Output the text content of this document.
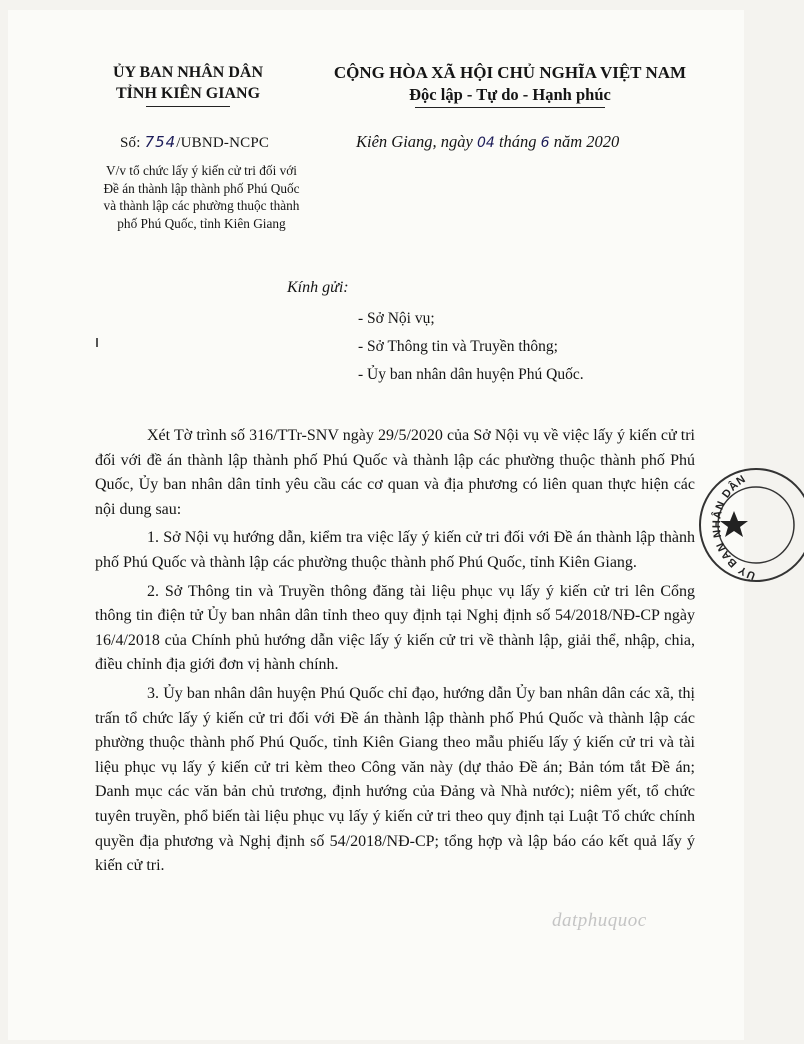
ỦY BAN NHÂN DÂN
TỈNH KIÊN GIANG
CỘNG HÒA XÃ HỘI CHỦ NGHĨA VIỆT NAM
Độc lập - Tự do - Hạnh phúc
Số: 754/UBND-NCPC	Kiên Giang, ngày 04 tháng 6 năm 2020
V/v tổ chức lấy ý kiến cử tri đối với
Đề án thành lập thành phố Phú Quốc
và thành lập các phường thuộc thành
phố Phú Quốc, tỉnh Kiên Giang
Kính gửi:
- Sở Nội vụ;
- Sở Thông tin và Truyền thông;
- Ủy ban nhân dân huyện Phú Quốc.

Xét Tờ trình số 316/TTr-SNV ngày 29/5/2020 của Sở Nội vụ về việc lấy ý kiến cử tri đối với đề án thành lập thành phố Phú Quốc và thành lập các phường thuộc thành phố Phú Quốc, Ủy ban nhân dân tỉnh yêu cầu các cơ quan và địa phương có liên quan thực hiện các nội dung sau:

1. Sở Nội vụ hướng dẫn, kiểm tra việc lấy ý kiến cử tri đối với Đề án thành lập thành phố Phú Quốc và thành lập các phường thuộc thành phố Phú Quốc, tỉnh Kiên Giang.

2. Sở Thông tin và Truyền thông đăng tài liệu phục vụ lấy ý kiến cử tri lên Cổng thông tin điện tử Ủy ban nhân dân tỉnh theo quy định tại Nghị định số 54/2018/NĐ-CP ngày 16/4/2018 của Chính phủ hướng dẫn việc lấy ý kiến cử tri về thành lập, giải thể, nhập, chia, điều chỉnh địa giới đơn vị hành chính.

3. Ủy ban nhân dân huyện Phú Quốc chỉ đạo, hướng dẫn Ủy ban nhân dân các xã, thị trấn tổ chức lấy ý kiến cử tri đối với Đề án thành lập thành phố Phú Quốc và thành lập các phường thuộc thành phố Phú Quốc, tỉnh Kiên Giang theo mẫu phiếu lấy ý kiến cử tri và tài liệu phục vụ lấy ý kiến cử tri kèm theo Công văn này (dự thảo Đề án; Bản tóm tắt Đề án; Danh mục các văn bản chủ trương, định hướng của Đảng và Nhà nước); niêm yết, tổ chức tuyên truyền, phổ biến tài liệu phục vụ lấy ý kiến cử tri theo quy định tại Luật Tổ chức chính quyền địa phương và Nghị định số 54/2018/NĐ-CP; tổng hợp và lập báo cáo kết quả lấy ý kiến cử tri.

ỦY BAN NHÂN DÂN
datphuquoc
